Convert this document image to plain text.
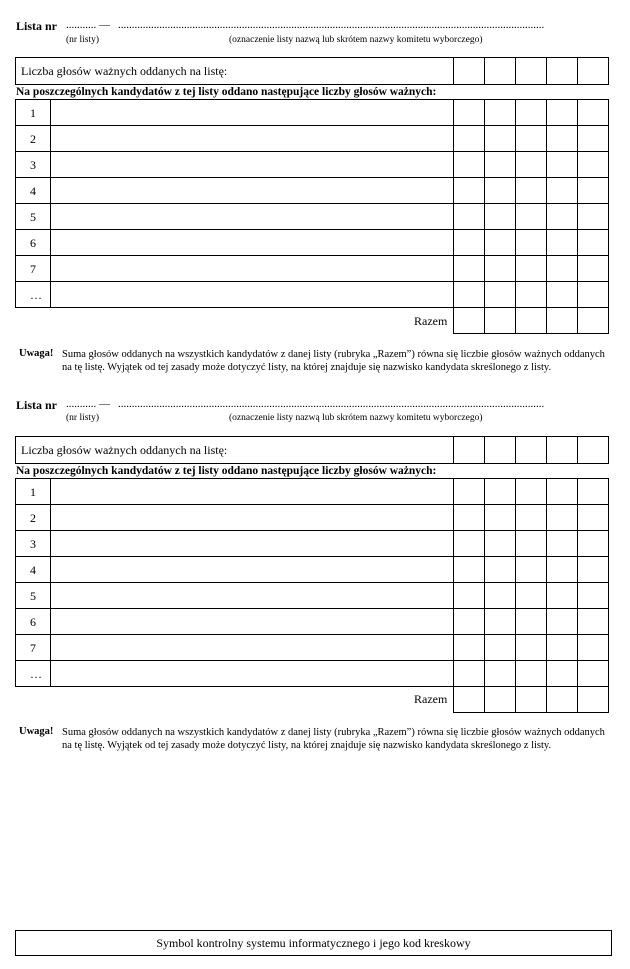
Lista nr ........... — ...........................................................................................................................................................
(nr listy)	(oznaczenie listy nazwą lub skrótem nazwy komitetu wyborczego)
Liczba głosów ważnych oddanych na listę:
Na poszczególnych kandydatów z tej listy oddano następujące liczby głosów ważnych:
1
2
3
4
5
6
7
…
Razem
Uwaga! Suma głosów oddanych na wszystkich kandydatów z danej listy (rubryka „Razem”) równa się liczbie głosów ważnych oddanych na tę listę. Wyjątek od tej zasady może dotyczyć listy, na której znajduje się nazwisko kandydata skreślonego z listy.
Lista nr ........... — ...........................................................................................................................................................
(nr listy)	(oznaczenie listy nazwą lub skrótem nazwy komitetu wyborczego)
Liczba głosów ważnych oddanych na listę:
Na poszczególnych kandydatów z tej listy oddano następujące liczby głosów ważnych:
1
2
3
4
5
6
7
…
Razem
Uwaga! Suma głosów oddanych na wszystkich kandydatów z danej listy (rubryka „Razem”) równa się liczbie głosów ważnych oddanych na tę listę. Wyjątek od tej zasady może dotyczyć listy, na której znajduje się nazwisko kandydata skreślonego z listy.
Symbol kontrolny systemu informatycznego i jego kod kreskowy
